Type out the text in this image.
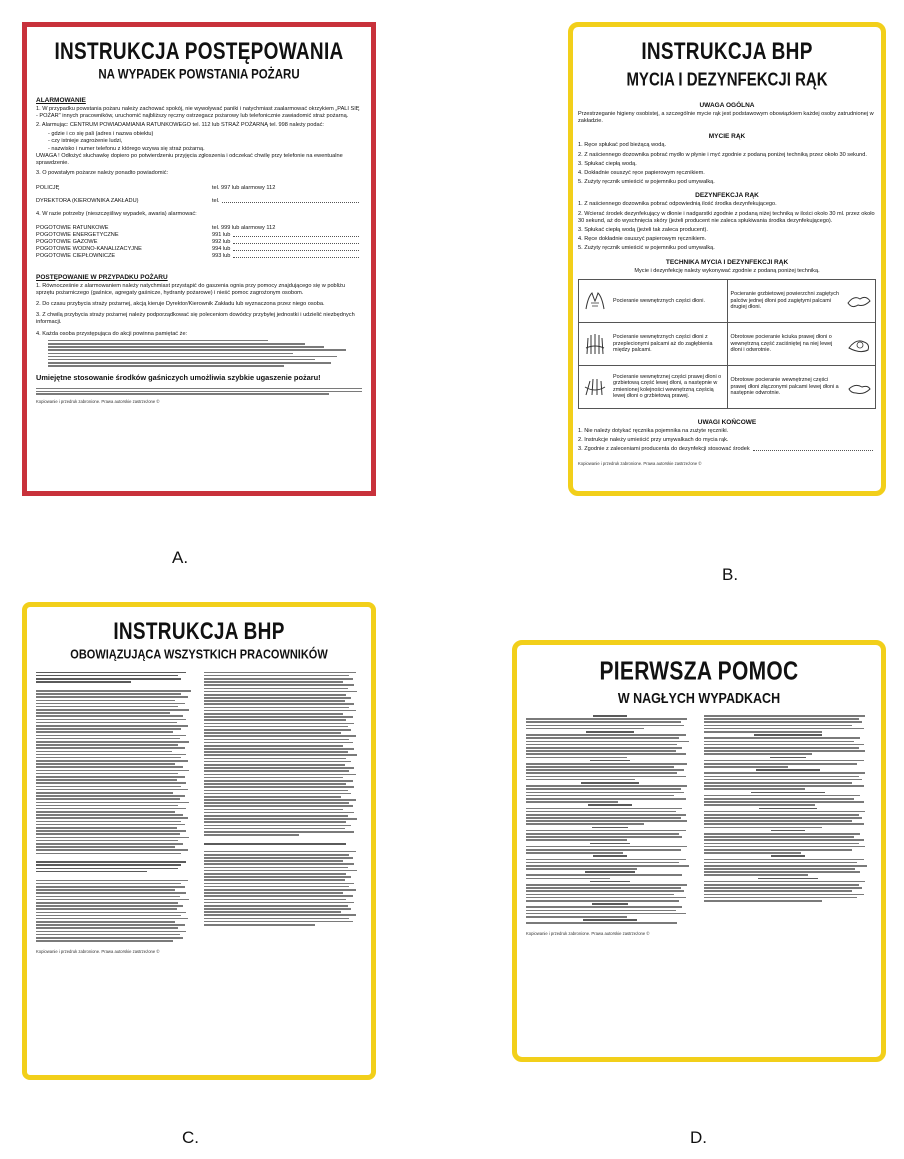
INSTRUKCJA POSTĘPOWANIA
NA WYPADEK POWSTANIA POŻARU
ALARMOWANIE
1. W przypadku powstania pożaru należy zachować spokój, nie wywoływać paniki i natychmiast zaalarmować okrzykiem „PALI SIĘ - POŻAR" innych pracowników, uruchomić najbliższy ręczny ostrzegacz pożarowy lub telefonicznie zawiadomić straż pożarną.
2. Alarmując: CENTRUM POWIADAMIANIA RATUNKOWEGO tel. 112 lub STRAŻ POŻARNĄ tel. 998 należy podać:
- gdzie i co się pali (adres i nazwa obiektu)
- czy istnieje zagrożenie ludzi,
- nazwisko i numer telefonu z którego wzywa się straż pożarną.
UWAGA ! Odłożyć słuchawkę dopiero po potwierdzeniu przyjęcia zgłoszenia i odczekać chwilę przy telefonie na ewentualne sprawdzenie.
3. O powstałym pożarze należy ponadto powiadomić:
POLICJĘ	tel. 997 lub alarmowy 112
DYREKTORA (KIEROWNIKA ZAKŁADU)	tel.
4. W razie potrzeby (nieszczęśliwy wypadek, awaria) alarmować:
POGOTOWIE RATUNKOWE	tel. 999 lub alarmowy 112
POGOTOWIE ENERGETYCZNE	991 lub
POGOTOWIE GAZOWE	992 lub
POGOTOWIE WODNO-KANALIZACYJNE	994 lub
POGOTOWIE CIEPŁOWNICZE	993 lub
POSTĘPOWANIE W PRZYPADKU POŻARU
1. Równocześnie z alarmowaniem należy natychmiast przystąpić do gaszenia ognia przy pomocy znajdującego się w pobliżu sprzętu pożarniczego (gaśnice, agregaty gaśnicze, hydranty pożarowe) i nieść pomoc zagrożonym osobom.
2. Do czasu przybycia straży pożarnej, akcją kieruje Dyrektor/Kierownik Zakładu lub wyznaczona przez niego osoba.
3. Z chwilą przybycia straży pożarnej należy podporządkować się poleceniom dowódcy przybyłej jednostki i udzielić niezbędnych informacji.
4. Każda osoba przystępująca do akcji powinna pamiętać że:
Umiejętne stosowanie środków gaśniczych umożliwia szybkie ugaszenie pożaru!
Kopiowanie i przedruk zabronione. Prawa autorskie zastrzeżone ©
A.
INSTRUKCJA BHP
MYCIA I DEZYNFEKCJI RĄK
UWAGA OGÓLNA
Przestrzeganie higieny osobistej, a szczególnie mycie rąk jest podstawowym obowiązkiem każdej osoby zatrudnionej w zakładzie.
MYCIE RĄK
1. Ręce spłukać pod bieżącą wodą.
2. Z naściennego dozownika pobrać mydło w płynie i myć zgodnie z podaną poniżej techniką przez około 30 sekund.
3. Spłukać ciepłą wodą.
4. Dokładnie osuszyć ręce papierowym ręcznikiem.
5. Zużyty ręcznik umieścić w pojemniku pod umywalką.
DEZYNFEKCJA RĄK
1. Z naściennego dozownika pobrać odpowiednią ilość środka dezynfekującego.
2. Wcierać środek dezynfekujący w dłonie i nadgarstki zgodnie z podaną niżej techniką w ilości około 30 ml. przez około 30 sekund, aż do wyschnięcia skóry (jeżeli producent nie zaleca spłukiwania środka dezynfekującego).
3. Spłukać ciepłą wodą (jeżeli tak zaleca producent).
4. Ręce dokładnie osuszyć papierowym ręcznikiem.
5. Zużyty ręcznik umieścić w pojemniku pod umywalką.
TECHNIKA MYCIA I DEZYNFEKCJI RĄK
Mycie i dezynfekcję należy wykonywać zgodnie z podaną poniżej techniką.
Pocieranie wewnętrznych części dłoni.	Pocieranie grzbietowej powierzchni zagiętych palców jednej dłoni pod zagiętymi palcami drugiej dłoni.

Pocieranie wewnętrznych części dłoni z przeplecionymi palcami aż do zagłębienia między palcami.	Obrotowe pocieranie kciuka prawej dłoni o wewnętrzną część zaciśniętej na niej lewej dłoni i odwrotnie.

Pocieranie wewnętrznej części prawej dłoni o grzbietową część lewej dłoni, a następnie w zmienionej kolejności wewnętrzną częścią lewej dłoni o grzbietową prawej.	Obrotowe pocieranie wewnętrznej części prawej dłoni złączonymi palcami lewej dłoni a następnie odwrotnie.
UWAGI KOŃCOWE
1. Nie należy dotykać ręcznika pojemnika na zużyte ręczniki.
2. Instrukcje należy umieścić przy umywalkach do mycia rąk.
3. Zgodnie z zaleceniami producenta do dezynfekcji stosować środek
Kopiowanie i przedruk zabronione. Prawa autorskie zastrzeżone ©
B.
INSTRUKCJA BHP
OBOWIĄZUJĄCA WSZYSTKICH PRACOWNIKÓW
Kopiowanie i przedruk zabronione. Prawa autorskie zastrzeżone ©
C.
PIERWSZA POMOC
W NAGŁYCH WYPADKACH
Kopiowanie i przedruk zabronione. Prawa autorskie zastrzeżone ©
D.
